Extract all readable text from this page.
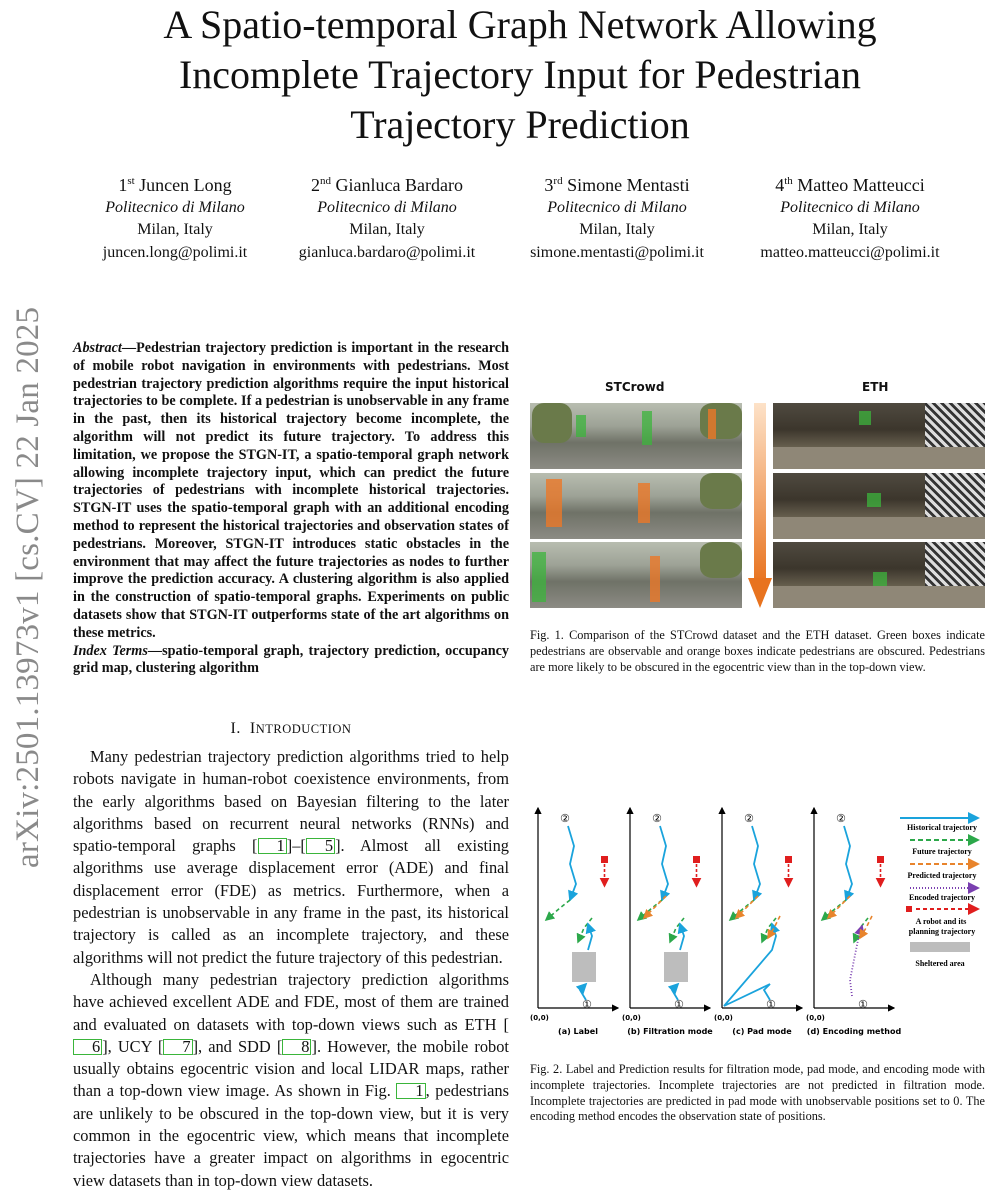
arXiv:2501.13973v1 [cs.CV] 22 Jan 2025
A Spatio-temporal Graph Network Allowing
Incomplete Trajectory Input for Pedestrian
Trajectory Prediction
1st Juncen Long
Politecnico di Milano
Milan, Italy
juncen.long@polimi.it
2nd Gianluca Bardaro
Politecnico di Milano
Milan, Italy
gianluca.bardaro@polimi.it
3rd Simone Mentasti
Politecnico di Milano
Milan, Italy
simone.mentasti@polimi.it
4th Matteo Matteucci
Politecnico di Milano
Milan, Italy
matteo.matteucci@polimi.it

Abstract—Pedestrian trajectory prediction is important in the research of mobile robot navigation in environments with pedestrians. Most pedestrian trajectory prediction algorithms require the input historical trajectories to be complete. If a pedestrian is unobservable in any frame in the past, then its historical trajectory become incomplete, the algorithm will not predict its future trajectory. To address this limitation, we propose the STGN-IT, a spatio-temporal graph network allowing incomplete trajectory input, which can predict the future trajectories of pedestrians with incomplete historical trajectories. STGN-IT uses the spatio-temporal graph with an additional encoding method to represent the historical trajectories and observation states of pedestrians. Moreover, STGN-IT introduces static obstacles in the environment that may affect the future trajectories as nodes to further improve the prediction accuracy. A clustering algorithm is also applied in the construction of spatio-temporal graphs. Experiments on public datasets show that STGN-IT outperforms state of the art algorithms on these metrics.

Index Terms—spatio-temporal graph, trajectory prediction, occupancy grid map, clustering algorithm

I. INTRODUCTION

Many pedestrian trajectory prediction algorithms tried to help robots navigate in human-robot coexistence environments, from the early algorithms based on Bayesian filtering to the later algorithms based on recurrent neural networks (RNNs) and spatio-temporal graphs [ 1 ]–[ 5 ]. Almost all existing algorithms use average displacement error (ADE) and final displacement error (FDE) as metrics. Furthermore, when a pedestrian is unobservable in any frame in the past, its historical trajectory is called as an incomplete trajectory, and these algorithms will not predict the future trajectory of this pedestrian.

Although many pedestrian trajectory prediction algorithms have achieved excellent ADE and FDE, most of them are trained and evaluated on datasets with top-down views such as ETH [6 ], UCY [ 7 ], and SDD [ 8 ]. However, the mobile robot usually obtains egocentric vision and local LIDAR maps, rather than a top-down view image. As shown in Fig. 1 , pedestrians are unlikely to be obscured in the top-down view, but it is very common in the egocentric view, which means that incomplete trajectories have a greater impact on algorithms in egocentric view datasets than in top-down view datasets.

STCrowd	ETH
Fig. 1. Comparison of the STCrowd dataset and the ETH dataset. Green boxes indicate pedestrians are observable and orange boxes indicate pedestrians are obscured. Pedestrians are more likely to be obscured in the egocentric view than in the top-down view.
(0,0)
(a) Label
②
①
(0,0)
(b) Filtration mode
②
①
(0,0)
(c) Pad mode
②
①
(0,0)
(d) Encoding method
②
①
Historical trajectory
Future trajectory
Predicted trajectory
Encoded trajectory
A robot and its planning trajectory
Sheltered area
Fig. 2. Label and Prediction results for filtration mode, pad mode, and encoding mode with incomplete trajectories. Incomplete trajectories are not predicted in filtration mode. Incomplete trajectories are predicted in pad mode with unobservable positions set to 0. The encoding method encodes the observation state of positions.
